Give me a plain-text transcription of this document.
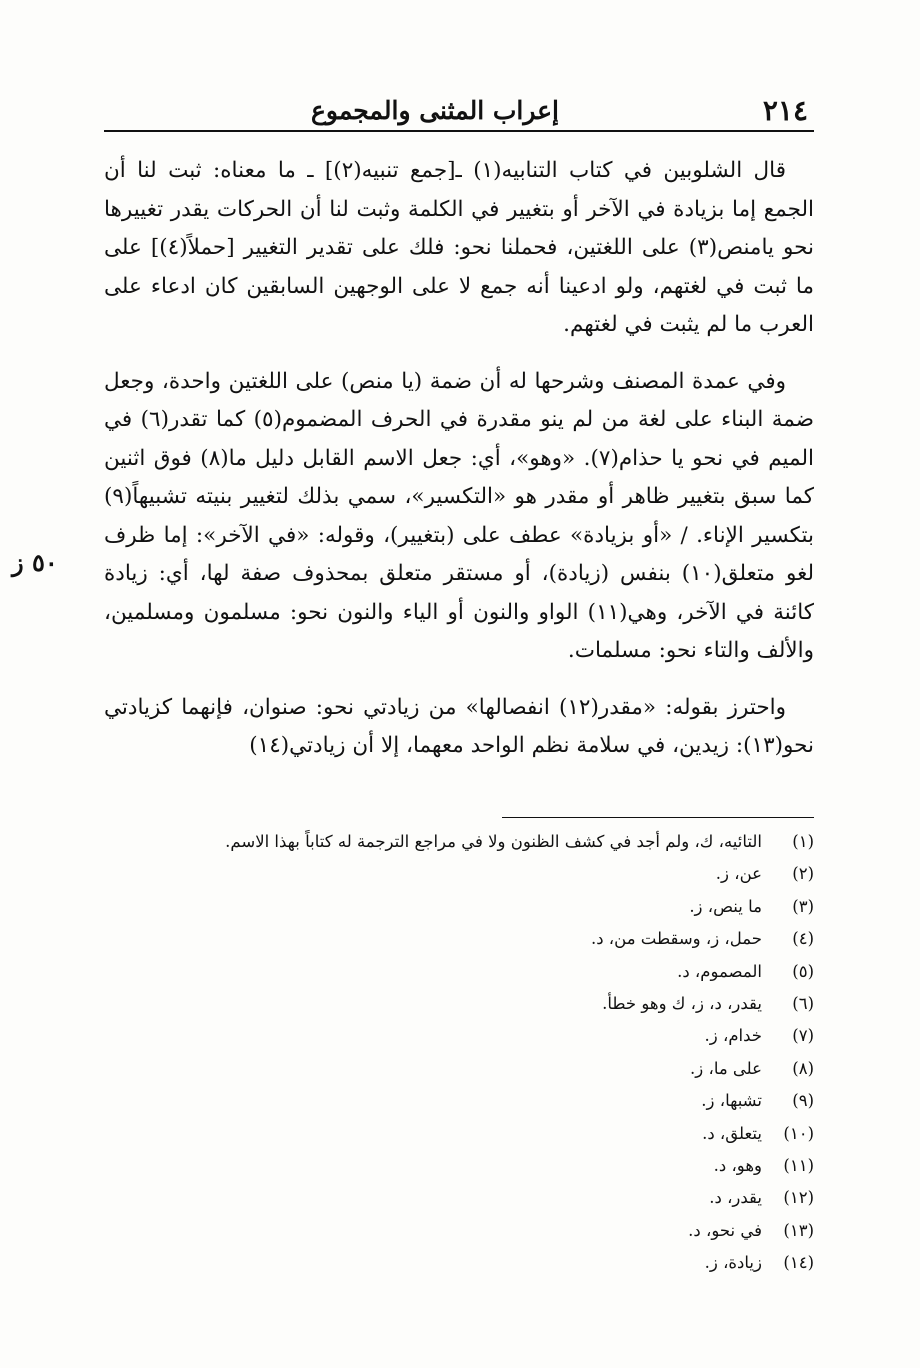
٢١٤
إعراب المثنى والمجموع

قال الشلوبين في كتاب التنابيه(١) ـ[جمع تنبيه(٢)] ـ ما معناه: ثبت لنا أن الجمع إما بزيادة في الآخر أو بتغيير في الكلمة وثبت لنا أن الحركات يقدر تغييرها نحو يامنص(٣) على اللغتين، فحملنا نحو: فلك على تقدير التغيير [حملاً(٤)] على ما ثبت في لغتهم، ولو ادعينا أنه جمع لا على الوجهين السابقين كان ادعاء على العرب ما لم يثبت في لغتهم.

وفي عمدة المصنف وشرحها له أن ضمة (يا منص) على اللغتين واحدة، وجعل ضمة البناء على لغة من لم ينو مقدرة في الحرف المضموم(٥) كما تقدر(٦) في الميم في نحو يا حذام(٧). «وهو»، أي: جعل الاسم القابل دليل ما(٨) فوق اثنين كما سبق بتغيير ظاهر أو مقدر هو «التكسير»، سمي بذلك لتغيير بنيته تشبيهاً(٩) بتكسير الإناء. / «أو بزيادة» عطف على (بتغيير)، وقوله: «في الآخر»: إما ظرف لغو متعلق(١٠) بنفس (زيادة)، أو مستقر متعلق بمحذوف صفة لها، أي: زيادة كائنة في الآخر، وهي(١١) الواو والنون أو الياء والنون نحو: مسلمون ومسلمين، والألف والتاء نحو: مسلمات.

واحترز بقوله: «مقدر(١٢) انفصالها» من زيادتي نحو: صنوان، فإنهما كزيادتي نحو(١٣): زيدين، في سلامة نظم الواحد معهما، إلا أن زيادتي(١٤)

٥٠ ز
(١)التائيه، ك، ولم أجد في كشف الظنون ولا في مراجع الترجمة له كتاباً بهذا الاسم.
(٢)عن، ز.
(٣)ما ينص، ز.
(٤)حمل، ز، وسقطت من، د.
(٥)المصموم، د.
(٦)يقدر، د، ز، ك وهو خطأ.
(٧)خدام، ز.
(٨)على ما، ز.
(٩)تشبها، ز.
(١٠)يتعلق، د.
(١١)وهو، د.
(١٢)يقدر، د.
(١٣)في نحو، د.
(١٤)زيادة، ز.
